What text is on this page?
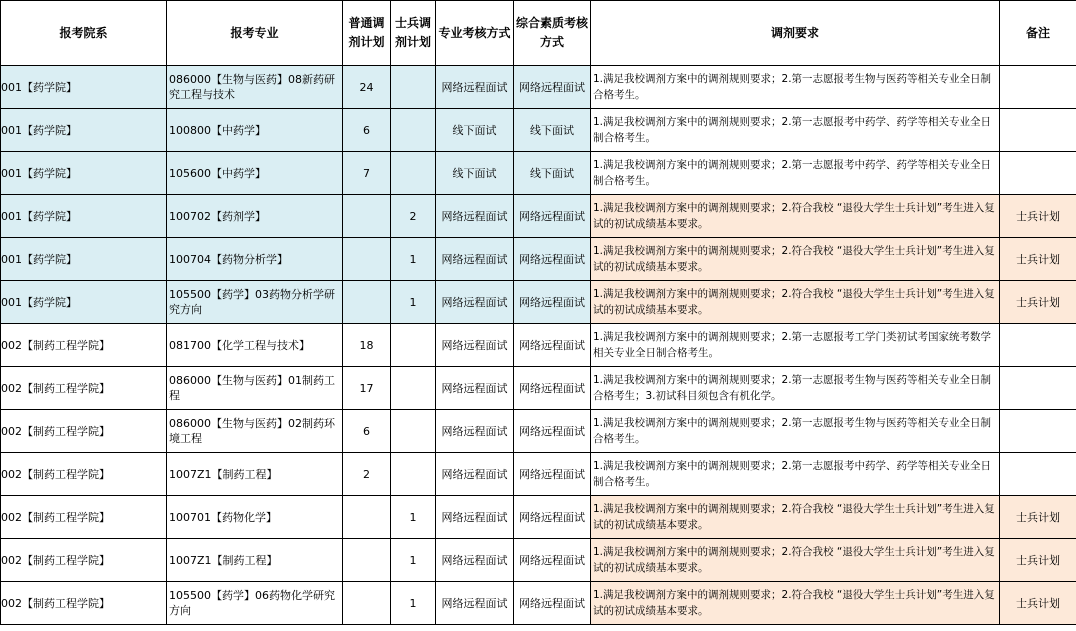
报考院系	报考专业	普通调剂计划	士兵调剂计划	专业考核方式	综合素质考核方式	调剂要求	备注
001【药学院】	086000【生物与医药】08新药研究工程与技术	24		网络远程面试	网络远程面试	1.满足我校调剂方案中的调剂规则要求；2.第一志愿报考生物与医药等相关专业全日制合格考生。	
001【药学院】	100800【中药学】	6		线下面试	线下面试	1.满足我校调剂方案中的调剂规则要求；2.第一志愿报考中药学、药学等相关专业全日制合格考生。	
001【药学院】	105600【中药学】	7		线下面试	线下面试	1.满足我校调剂方案中的调剂规则要求；2.第一志愿报考中药学、药学等相关专业全日制合格考生。	
001【药学院】	100702【药剂学】		2	网络远程面试	网络远程面试	1.满足我校调剂方案中的调剂规则要求；2.符合我校 “退役大学生士兵计划”考生进入复试的初试成绩基本要求。	士兵计划
001【药学院】	100704【药物分析学】		1	网络远程面试	网络远程面试	1.满足我校调剂方案中的调剂规则要求；2.符合我校 “退役大学生士兵计划”考生进入复试的初试成绩基本要求。	士兵计划
001【药学院】	105500【药学】03药物分析学研究方向		1	网络远程面试	网络远程面试	1.满足我校调剂方案中的调剂规则要求；2.符合我校 “退役大学生士兵计划”考生进入复试的初试成绩基本要求。	士兵计划
002【制药工程学院】	081700【化学工程与技术】	18		网络远程面试	网络远程面试	1.满足我校调剂方案中的调剂规则要求；2.第一志愿报考工学门类初试考国家统考数学相关专业全日制合格考生。	
002【制药工程学院】	086000【生物与医药】01制药工程	17		网络远程面试	网络远程面试	1.满足我校调剂方案中的调剂规则要求；2.第一志愿报考生物与医药等相关专业全日制合格考生；3.初试科目须包含有机化学。	
002【制药工程学院】	086000【生物与医药】02制药环境工程	6		网络远程面试	网络远程面试	1.满足我校调剂方案中的调剂规则要求；2.第一志愿报考生物与医药等相关专业全日制合格考生。	
002【制药工程学院】	1007Z1【制药工程】	2		网络远程面试	网络远程面试	1.满足我校调剂方案中的调剂规则要求；2.第一志愿报考中药学、药学等相关专业全日制合格考生。	
002【制药工程学院】	100701【药物化学】		1	网络远程面试	网络远程面试	1.满足我校调剂方案中的调剂规则要求；2.符合我校 “退役大学生士兵计划”考生进入复试的初试成绩基本要求。	士兵计划
002【制药工程学院】	1007Z1【制药工程】		1	网络远程面试	网络远程面试	1.满足我校调剂方案中的调剂规则要求；2.符合我校 “退役大学生士兵计划”考生进入复试的初试成绩基本要求。	士兵计划
002【制药工程学院】	105500【药学】06药物化学研究方向		1	网络远程面试	网络远程面试	1.满足我校调剂方案中的调剂规则要求；2.符合我校 “退役大学生士兵计划”考生进入复试的初试成绩基本要求。	士兵计划
